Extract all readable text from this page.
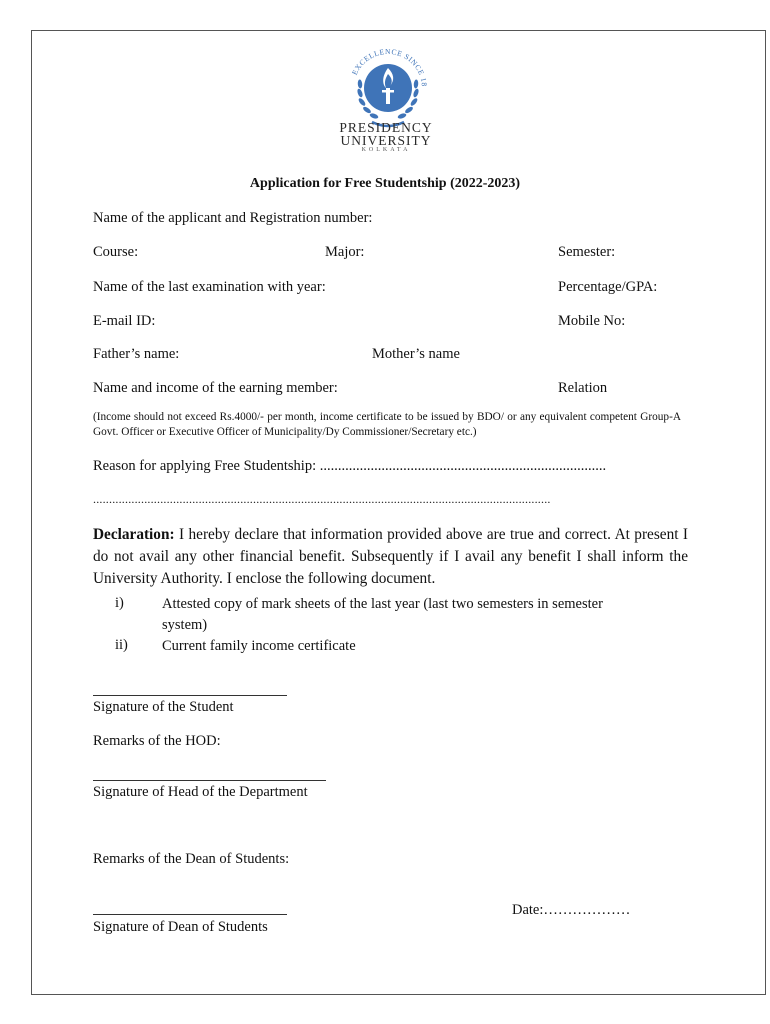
EXCELLENCE SINCE 18
PRESIDENCY
UNIVERSITY
KOLKATA
Application for Free Studentship (2022-2023)
Name of the applicant and Registration number:
Course:	Major:	Semester:
Name of the last examination with year:	Percentage/GPA:
E-mail ID:	Mobile No:
Father’s name:	Mother’s name
Name and income of the earning member:	Relation
(Income should not exceed Rs.4000/- per month, income certificate to be issued by BDO/ or any equivalent competent Group-A Govt. Officer or Executive Officer of Municipality/Dy Commissioner/Secretary etc.)
Reason for applying Free Studentship: ...............................................................................
...............................................................................................................................................
Declaration: I hereby declare that information provided above are true and correct. At present I do not avail any other financial benefit. Subsequently if I avail any benefit I shall inform the University Authority. I enclose the following document.
i)	Attested copy of mark sheets of the last year (last two semesters in semester system)
ii) Current family income certificate
Signature of the Student
Remarks of the HOD:
Signature of Head of the Department
Remarks of the Dean of Students:
Date:………………
Signature of Dean of Students
